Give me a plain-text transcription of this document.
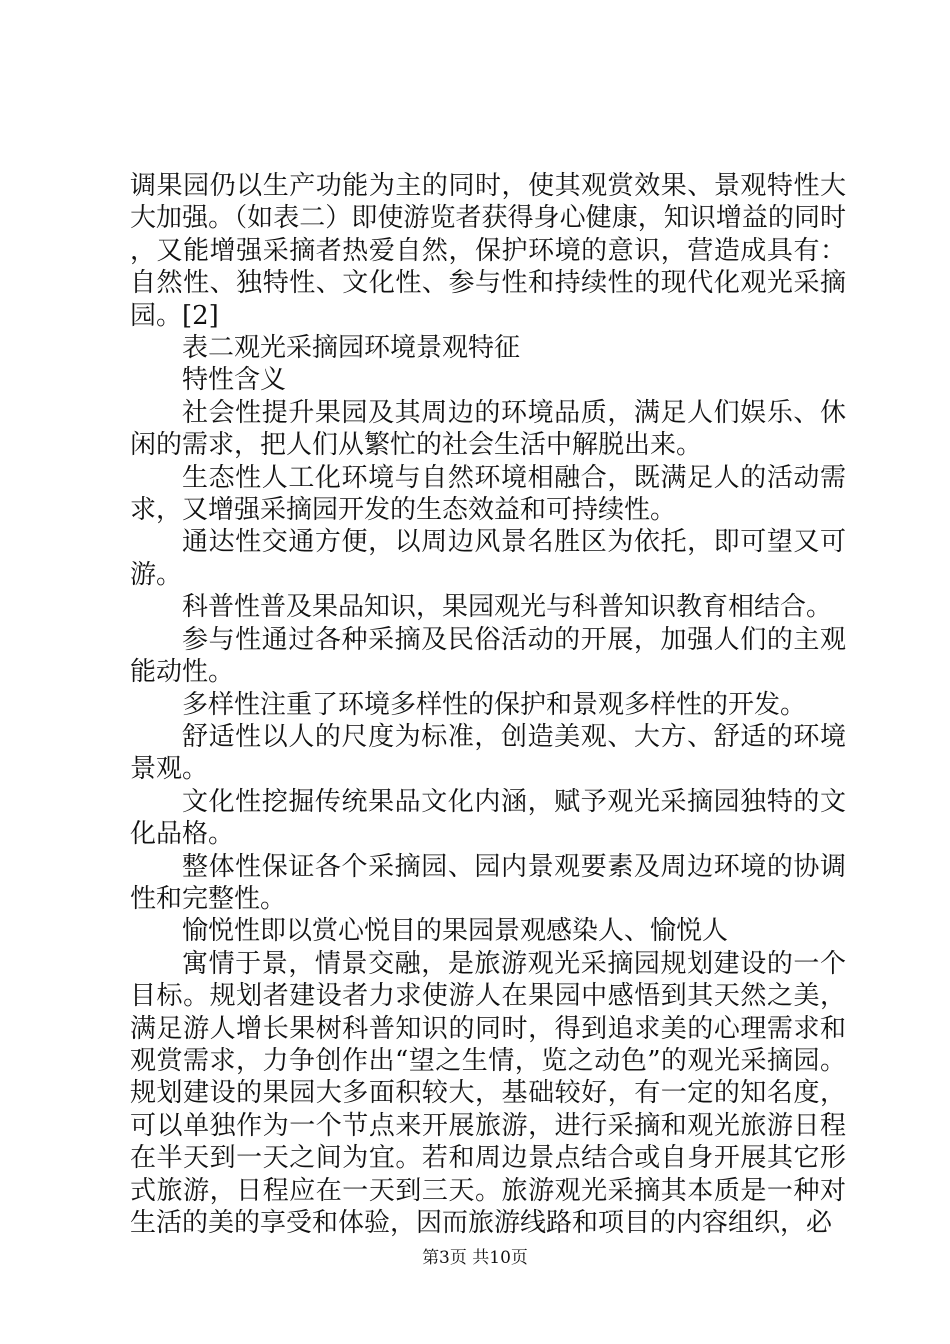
调果园仍以生产功能为主的同时，使其观赏效果、景观特性大大加强。（如表二）即使游览者获得身心健康，知识增益的同时，又能增强采摘者热爱自然，保护环境的意识，营造成具有：自然性、独特性、文化性、参与性和持续性的现代化观光采摘园。[2]

表二观光采摘园环境景观特征

特性含义

社会性提升果园及其周边的环境品质，满足人们娱乐、休闲的需求，把人们从繁忙的社会生活中解脱出来。

生态性人工化环境与自然环境相融合，既满足人的活动需求，又增强采摘园开发的生态效益和可持续性。

通达性交通方便，以周边风景名胜区为依托，即可望又可游。

科普性普及果品知识，果园观光与科普知识教育相结合。

参与性通过各种采摘及民俗活动的开展，加强人们的主观能动性。

多样性注重了环境多样性的保护和景观多样性的开发。

舒适性以人的尺度为标准，创造美观、大方、舒适的环境景观。

文化性挖掘传统果品文化内涵，赋予观光采摘园独特的文化品格。

整体性保证各个采摘园、园内景观要素及周边环境的协调性和完整性。

愉悦性即以赏心悦目的果园景观感染人、愉悦人

寓情于景，情景交融，是旅游观光采摘园规划建设的一个目标。规划者建设者力求使游人在果园中感悟到其天然之美，满足游人增长果树科普知识的同时，得到追求美的心理需求和观赏需求，力争创作出“望之生情，览之动色”的观光采摘园。规划建设的果园大多面积较大，基础较好，有一定的知名度，可以单独作为一个节点来开展旅游，进行采摘和观光旅游日程在半天到一天之间为宜。若和周边景点结合或自身开展其它形式旅游，日程应在一天到三天。旅游观光采摘其本质是一种对生活的美的享受和体验，因而旅游线路和项目的内容组织，必

第3页 共10页
